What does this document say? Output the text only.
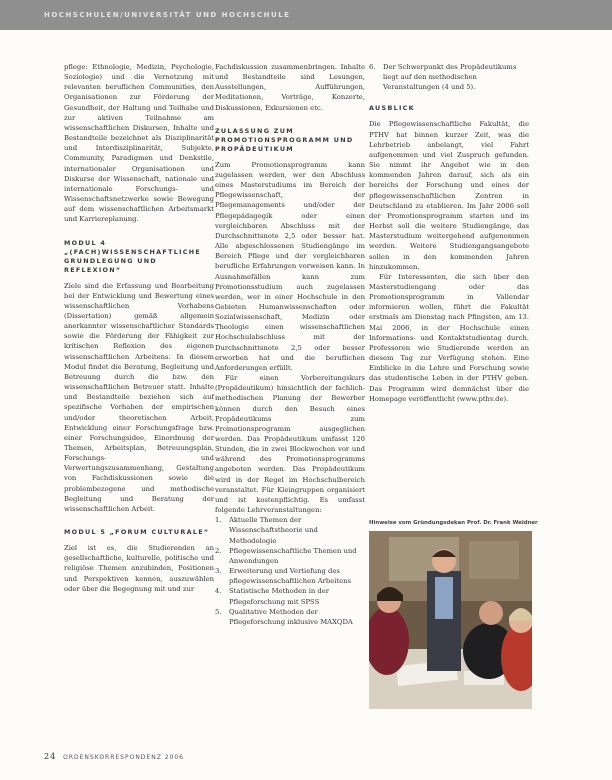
HOCHSCHULEN/UNIVERSITÄT UND HOCHSCHULE

pflege: Ethnologie, Medizin, Psychologie, Soziologie) und die Vernetzung mit relevanten beruflichen Communities, den Organisationen zur Förderung der Gesundheit, der Haltung und Teilhabe und zur aktiven Teilnahme am wissenschaftlichen Diskursen, Inhalte und Bestandteile bezeichnet als Disziplinarität und Interdisziplinarität, Subjekte, Community, Paradigmen und Denkstile, internationaler Organisationen und Diskurse der Wissenschaft, nationale und internationale Forschungs- und Wissenschaftsnetzwerke sowie Bewegung auf dem wissenschaftlichen Arbeitsmarkt und Karriereplanung.

MODUL 4 „(FACH)WISSENSCHAFTLICHE GRUNDLEGUNG UND REFLEXION“

Ziele sind die Erfassung und Bearbeitung bei der Entwicklung und Bewertung eines wissenschaftlichen Vorhabens (Dissertation) gemäß allgemein anerkannter wissenschaftlicher Standards sowie die Förderung der Fähigkeit zur kritischen Reflexion des eigenen wissenschaftlichen Arbeitens. In diesem Modul findet die Beratung, Begleitung und Betreuung durch die bzw. den wissenschaftlichen Betreuer statt. Inhalte und Bestandteile beziehen sich auf spezifische Vorhaben der empirischen und/oder theoretischen Arbeit, Entwicklung einer Forschungsfrage bzw. einer Forschungsidee, Einordnung der Themen, Arbeitsplan, Betreuungsplan, Forschungs- und Verwertungszusammenhang, Gestaltung von Fachdiskussionen sowie die problembezogene und methodische Begleitung und Beratung der wissenschaftlichen Arbeit.

MODUL 5 „FORUM CULTURALE“

Ziel ist es, die Studierenden an gesellschaftliche, kulturelle, politische und religiöse Themen anzubinden, Positionen und Perspektiven kennen, auszuwählen oder über die Begegnung mit und zur

Fachdiskussion zusammenbringen. Inhalte und Bestandteile sind Lesungen, Ausstellungen, Aufführungen, Meditationen, Vorträge, Konzerte, Diskussionen, Exkursionen etc.

ZULASSUNG ZUM PROMOTIONSPROGRAMM UND PROPÄDEUTIKUM

Zum Promotionsprogramm kann zugelassen werden, wer den Abschluss eines Masterstudiums im Bereich der Pflegewissenschaft, der Pflegemanagements und/oder der Pflegepädagogik oder einen vergleichbaren Abschluss mit der Durchschnittsnote 2,5 oder besser hat. Alle abgeschlossenen Studiengänge im Bereich Pflege und der vergleichbaren berufliche Erfahrungen vorweisen kann. In Ausnahmefällen kann zum Promotionsstudium auch zugelassen werden, wer in einer Hochschule in den Gebieten Humanwissenschaften oder Sozialwissenschaft, Medizin oder Theologie einen wissenschaftlichen Hochschulabschluss mit der Durchschnittsnote 2,5 oder besser erworben hat und die beruflichen Anforderungen erfüllt.

Für einen Vorbereitungskurs (Propädeutikum) hinsichtlich der fachlich-methodischen Planung der Bewerber können durch den Besuch eines Propädeutikums zum Promotionsprogramm ausgeglichen werden. Das Propädeutikum umfasst 120 Stunden, die in zwei Blockwochen vor und während des Promotionsprogramms angeboten werden. Das Propädeutikum wird in der Regel im Hochschulbereich veranstaltet. Für Kleingruppen organisiert und ist kostenpflichtig. Es umfasst folgende Lehrveranstaltungen:

1. Aktuelle Themen der Wissenschaftstheorie und Methodologie
2. Pflegewissenschaftliche Themen und Anwendungen
3. Erweiterung und Vertiefung des pflegewissenschaftlichen Arbeitens
4. Statistische Methoden in der Pflegeforschung mit SPSS
5. Qualitative Methoden der Pflegeforschung inklusive MAXQDA
6. Der Schwerpunkt des Propädeutikums liegt auf den methodischen Veranstaltungen (4 und 5).
AUSBLICK

Die Pflegewissenschaftliche Fakultät, die PTHV hat binnen kurzer Zeit, was die Lehrbetrieb anbelangt, viel Fahrt aufgenommen und viel Zuspruch gefunden. Sie nimmt ihr Angebot wie in den kommenden Jahren darauf, sich als ein bereichs der Forschung und eines der pflegewissenschaftlichen Zentren in Deutschland zu etablieren. Im Jahr 2006 soll der Promotionsprogramm starten und im Herbst soll die weitere Studiengänge, das Masterstudium weitergehend aufgenommen werden. Weitere Studiengangsangebote sollen in den kommenden Jahren hinzukommen.

Für Interessenten, die sich über den Masterstudiengang oder das Promotionsprogramm in Vallendar informieren wollen, führt die Fakultät erstmals am Dienstag nach Pfingsten, am 13. Mai 2006, in der Hochschule einen Informations- und Kontaktstudientag durch. Professoren wie Studierende werden an diesem Tag zur Verfügung stehen. Eine Einblicke in die Lehre und Forschung sowie das studentische Leben in der PTHV geben. Das Programm wird demnächst über die Homepage veröffentlicht (www.pthv.de).

Hinweise vom Gründungsdekan Prof. Dr. Frank Weidner
24 ORDENSKORRESPONDENZ 2006
